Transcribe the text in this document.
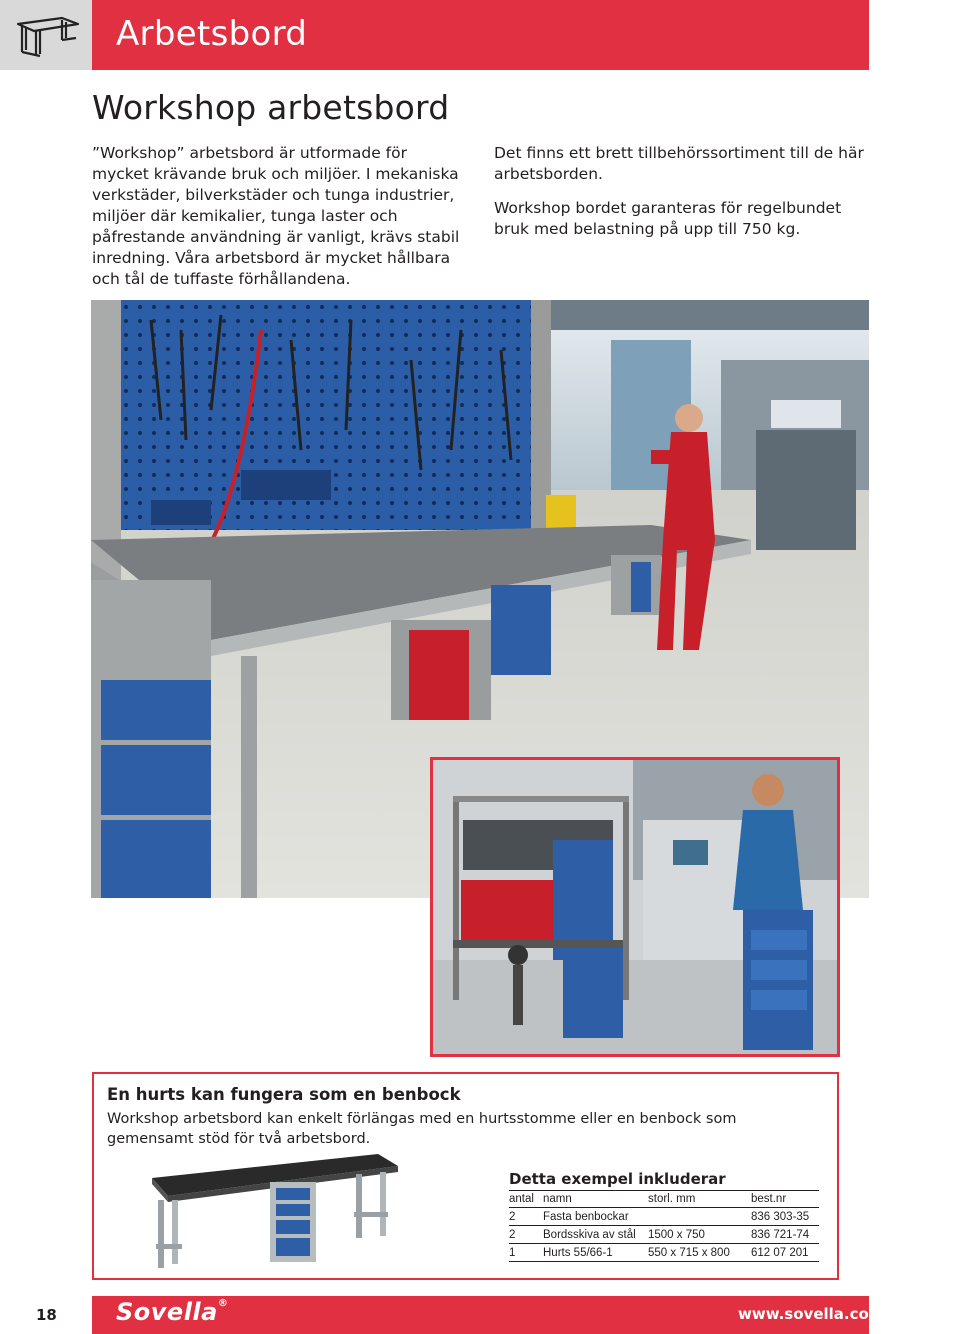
Arbetsbord
Workshop arbetsbord

”Workshop” arbetsbord är utformade för mycket krävande bruk och miljöer. I mekaniska verkstäder, bilverkstäder och tunga industrier, miljöer där kemikalier, tunga laster och påfrestande användning är vanligt, krävs stabil inredning. Våra arbetsbord är mycket hållbara och tål de tuffaste förhållandena.

Det finns ett brett tillbehörssortiment till de här arbetsborden.

Workshop bordet garanteras för regelbundet bruk med belastning på upp till 750 kg.

En hurts kan fungera som en benbock
Workshop arbetsbord kan enkelt förlängas med en hurtsstomme eller en benbock som gemensamt stöd för två arbetsbord.
Detta exempel inkluderar
antal	namn	storl. mm	best.nr
2	Fasta benbockar		836 303-35
2	Bordsskiva av stål	1500 x 750	836 721-74
1	Hurts 55/66-1	550 x 715 x 800	612 07 201
18 Sovella®
www.sovella.com
